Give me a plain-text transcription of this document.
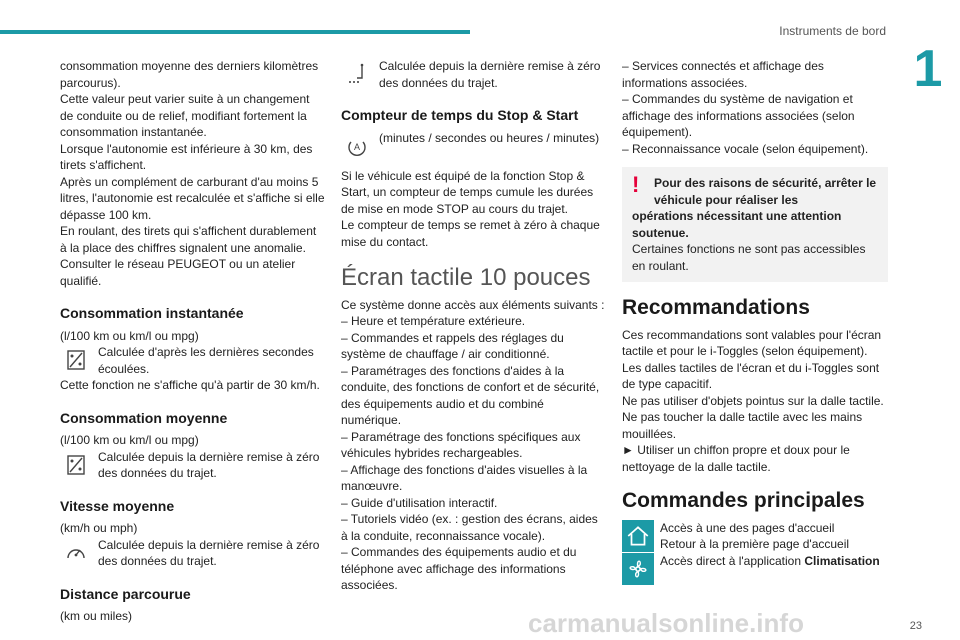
Instruments de bord
1

consommation moyenne des derniers kilomètres parcourus).

Cette valeur peut varier suite à un changement de conduite ou de relief, modifiant fortement la consommation instantanée.

Lorsque l'autonomie est inférieure à 30 km, des tirets s'affichent.

Après un complément de carburant d'au moins 5 litres, l'autonomie est recalculée et s'affiche si elle dépasse 100 km.

En roulant, des tirets qui s'affichent durablement à la place des chiffres signalent une anomalie. Consulter le réseau PEUGEOT ou un atelier qualifié.

Consommation instantanée

(l/100 km ou km/l ou mpg)

Calculée d'après les dernières secondes écoulées.

Cette fonction ne s'affiche qu'à partir de 30 km/h.

Consommation moyenne

(l/100 km ou km/l ou mpg)

Calculée depuis la dernière remise à zéro des données du trajet.
Vitesse moyenne

(km/h ou mph)

Calculée depuis la dernière remise à zéro des données du trajet.
Distance parcourue

(km ou miles)

Calculée depuis la dernière remise à zéro des données du trajet.
Compteur de temps du Stop & Start
A
(minutes / secondes ou heures / minutes)

Si le véhicule est équipé de la fonction Stop & Start, un compteur de temps cumule les durées de mise en mode STOP au cours du trajet.

Le compteur de temps se remet à zéro à chaque mise du contact.

Écran tactile 10 pouces

Ce système donne accès aux éléments suivants :

– Heure et température extérieure.

– Commandes et rappels des réglages du système de chauffage / air conditionné.

– Paramétrages des fonctions d'aides à la conduite, des fonctions de confort et de sécurité, des équipements audio et du combiné numérique.

– Paramétrage des fonctions spécifiques aux véhicules hybrides rechargeables.

– Affichage des fonctions d'aides visuelles à la manœuvre.

– Guide d'utilisation interactif.

– Tutoriels vidéo (ex. : gestion des écrans, aides à la conduite, reconnaissance vocale).

– Commandes des équipements audio et du téléphone avec affichage des informations associées.

– Services connectés et affichage des informations associées.

– Commandes du système de navigation et affichage des informations associées (selon équipement).

– Reconnaissance vocale (selon équipement).

!	Pour des raisons de sécurité, arrêter le véhicule pour réaliser les
opérations nécessitant une attention soutenue.
Certaines fonctions ne sont pas accessibles en roulant.
Recommandations

Ces recommandations sont valables pour l'écran tactile et pour le i-Toggles (selon équipement).

Les dalles tactiles de l'écran et du i-Toggles sont de type capacitif.

Ne pas utiliser d'objets pointus sur la dalle tactile.

Ne pas toucher la dalle tactile avec les mains mouillées.

► Utiliser un chiffon propre et doux pour le nettoyage de la dalle tactile.

Commandes principales
Accès à une des pages d'accueil
Retour à la première page d'accueil
Accès direct à l'application Climatisation
carmanualsonline.info	23
